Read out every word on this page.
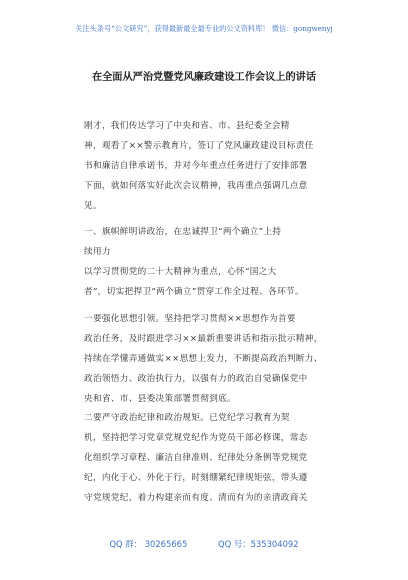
关注头条号“公文研究”，获得最新最全最专业的公文资料库！ 微信：gongwenyj
在全面从严治党暨党风廉政建设工作会议上的讲话
刚才，我们传达学习了中央和省、市、县纪委全会精
神，观看了××警示教育片，签订了党风廉政建设目标责任
书和廉洁自律承诺书，并对今年重点任务进行了安排部署
下面，就如何落实好此次会议精神，我再重点强调几点意
见。
一、旗帜鲜明讲政治，在忠诚捍卫“两个确立”上持
续用力
以学习贯彻党的二十大精神为重点，心怀“国之大
者”，切实把捍卫“两个确立”贯穿工作全过程、各环节。
一要强化思想引领。坚持把学习贯彻××思想作为首要
政治任务，及时跟进学习××最新重要讲话和指示批示精神，
持续在学懂弄通做实××思想上发力，不断提高政治判断力、
政治领悟力、政治执行力，以强有力的政治自觉确保党中
央和省、市、县委决策部署贯彻到底。
二要严守政治纪律和政治规矩。已党纪学习教育为契
机，坚持把学习党章党规党纪作为党员干部必修课，常态
化组织学习章程、廉洁自律准则、纪律处分条例等党规党
纪，内化于心、外化于行，时刻绷紧纪律规矩弦，带头遵
守党规党纪，着力构建亲而有度、清而有为的亲清政商关
QQ 群： 30265665	QQ 号：535304092
